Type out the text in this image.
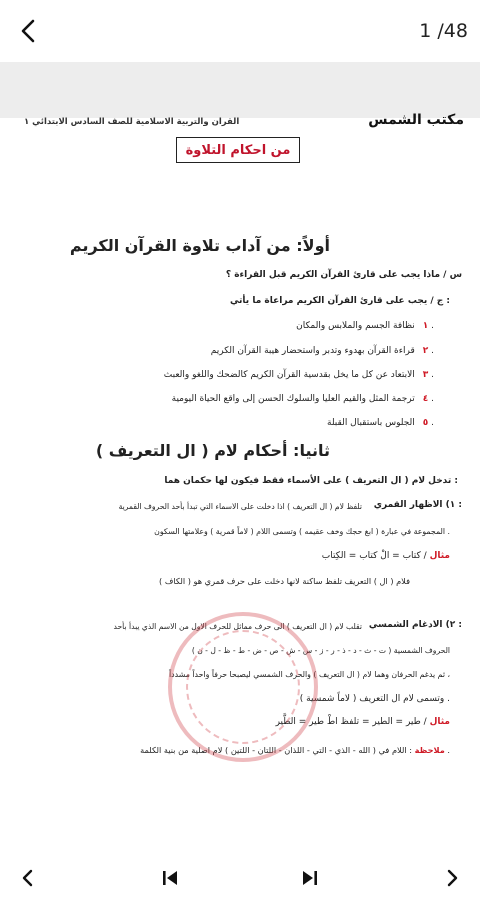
1 /48
القران والتربية الاسلامية للصف السادس الابتدائي ١	مكتب الشمس
من احكام التلاوة
أولاً: من آداب تلاوة القرآن الكريم
س / ماذا يجب على قارئ القرآن الكريم قبل القراءة ؟
ج / يجب على قارئ القرآن الكريم مراعاة ما يأتي :
١نظافة الجسم والملابس والمكان .
٢قراءة القرآن بهدوء وتدبر واستحضار هيبة القرآن الكريم .
٣الابتعاد عن كل ما يخل بقدسية القرآن الكريم كالضحك واللغو والعبث .
٤ترجمة المثل والقيم العليا والسلوك الحسن إلى واقع الحياة اليومية .
٥الجلوس باستقبال القبلة .
ثانيا: أحكام لام ( ال التعريف )
تدخل لام ( ال التعريف ) على الأسماء فقط فيكون لها حكمان هما :
١) الاظهار القمري :
تلفظ لام ( ال التعريف ) اذا دخلت على الاسماء التي تبدأ بأحد الحروف القمرية
المجموعة في عبارة ( ابغ حجك وخف عقيمه ) وتسمى اللام ( لاماً قمرية ) وعلامتها السكون .
مثال / كتاب = الْ كتاب = الكِتاب
فلام ( ال ) التعريف تلفظ ساكنة لانها دخلت على حرف قمري هو ( الكاف )
٢) الادغام الشمسي :
تقلب لام ( ال التعريف ) الى حرف مماثل للحرف الاول من الاسم الذي يبدأ بأحد
الحروف الشمسية ( ت - ث - د - ذ - ر - ز - س - ش - ص - ض - ط - ظ - ل - ن )
ثم يدغم الحرفان وهما لام ( ال التعريف ) والحرف الشمسي ليصبحا حرفاً واحداً مشدداً ،
وتسمى لام ال التعريف ( لاماً شمسية ) .
مثال / طير = الطير = تلفظ اطْ طير = الطَّير
ملاحظة : اللام في ( الله - الذي - التي - اللذان - اللتان - اللتين ) لام اصلية من بنية الكلمة .
